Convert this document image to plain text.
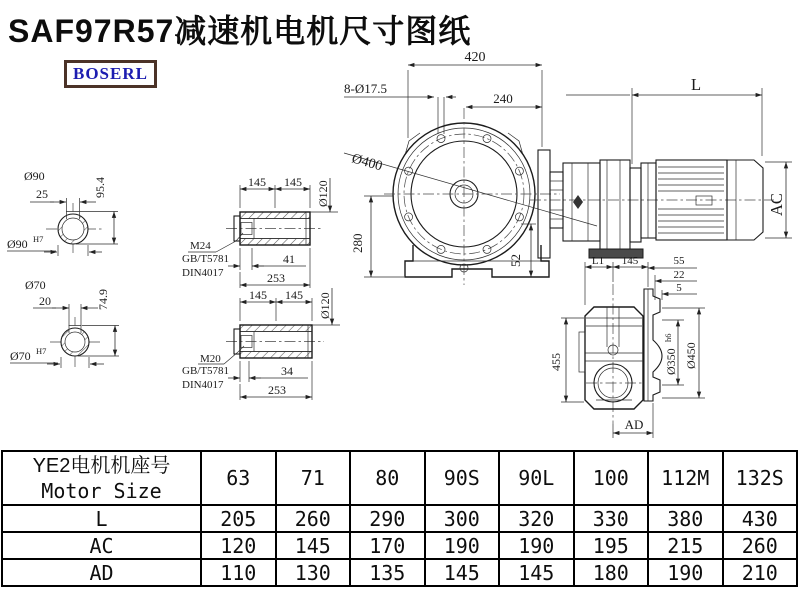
SAF97R57减速机电机尺寸图纸
BOSERL
Ø90
25	95.4
Ø90 H7
Ø70
20	74.9
Ø70 H7
145 145 Ø120
M24
GB/T5781
DIN4017
41
253
145 145 Ø120
M20
GB/T5781
DIN4017
34
253
Ø400
420
240
8-Ø17.5
280
52
L
AC
455	Ø350
h6
Ø450
L1 145	55
22
5
AD
YE2电机机座号
Motor Size	63	71	80	90S	90L	100	112M	132S
L	205	260	290	300	320	330	380	430
AC	120	145	170	190	190	195	215	260
AD	110	130	135	145	145	180	190	210
